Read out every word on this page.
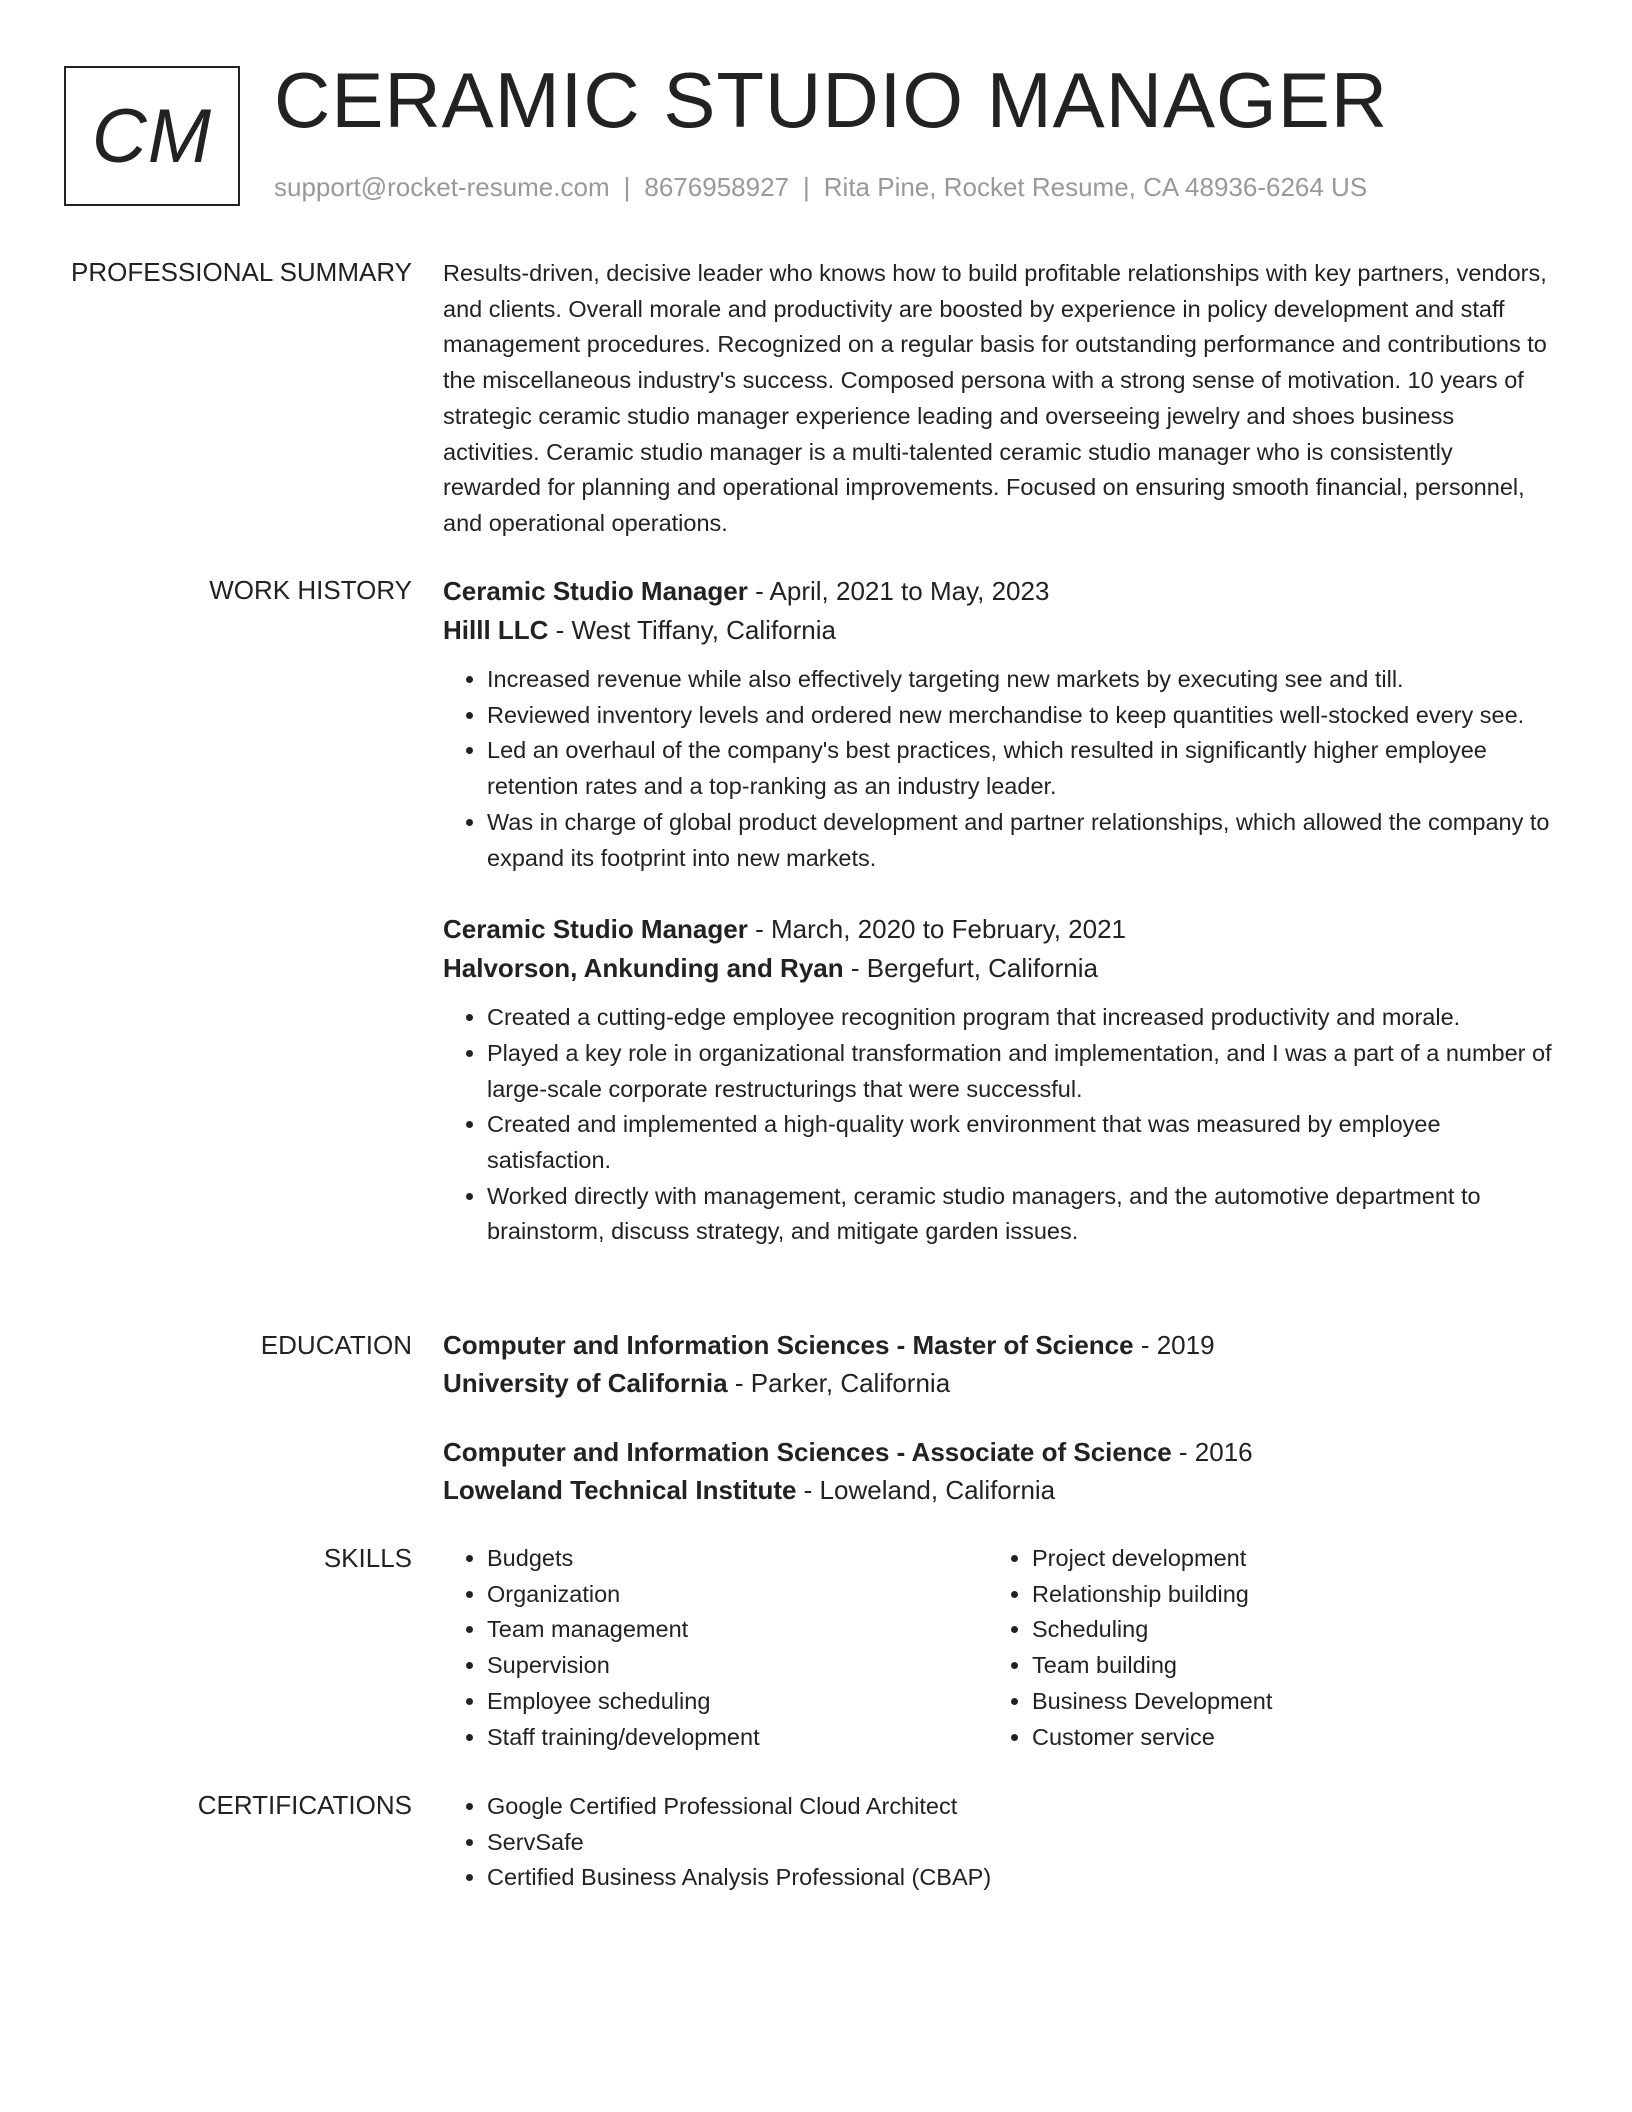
CM CERAMIC STUDIO MANAGER
support@rocket-resume.com | 8676958927 | Rita Pine, Rocket Resume, CA 48936-6264 US
PROFESSIONAL SUMMARY Results-driven, decisive leader who knows how to build profitable relationships with key partners, vendors, and clients. Overall morale and productivity are boosted by experience in policy development and staff management procedures. Recognized on a regular basis for outstanding performance and contributions to the miscellaneous industry's success. Composed persona with a strong sense of motivation. 10 years of strategic ceramic studio manager experience leading and overseeing jewelry and shoes business activities. Ceramic studio manager is a multi-talented ceramic studio manager who is consistently rewarded for planning and operational improvements. Focused on ensuring smooth financial, personnel, and operational operations.

WORK HISTORY Ceramic Studio Manager - April, 2021 to May, 2023
Hilll LLC - West Tiffany, California
• Increased revenue while also effectively targeting new markets by executing see and till.
• Reviewed inventory levels and ordered new merchandise to keep quantities well-stocked every see.
• Led an overhaul of the company's best practices, which resulted in significantly higher employee retention rates and a top-ranking as an industry leader.
• Was in charge of global product development and partner relationships, which allowed the company to expand its footprint into new markets.
Ceramic Studio Manager - March, 2020 to February, 2021
Halvorson, Ankunding and Ryan - Bergefurt, California
• Created a cutting-edge employee recognition program that increased productivity and morale.
• Played a key role in organizational transformation and implementation, and I was a part of a number of large-scale corporate restructurings that were successful.
• Created and implemented a high-quality work environment that was measured by employee satisfaction.
• Worked directly with management, ceramic studio managers, and the automotive department to brainstorm, discuss strategy, and mitigate garden issues.
EDUCATION Computer and Information Sciences - Master of Science - 2019
University of California - Parker, California
Computer and Information Sciences - Associate of Science - 2016
Loweland Technical Institute - Loweland, California
SKILLS	• Budgets
• Organization
• Team management
• Supervision
• Employee scheduling
• Staff training/development
• Project development
• Relationship building
• Scheduling
• Team building
• Business Development
• Customer service
CERTIFICATIONS	• Google Certified Professional Cloud Architect
• ServSafe
• Certified Business Analysis Professional (CBAP)
